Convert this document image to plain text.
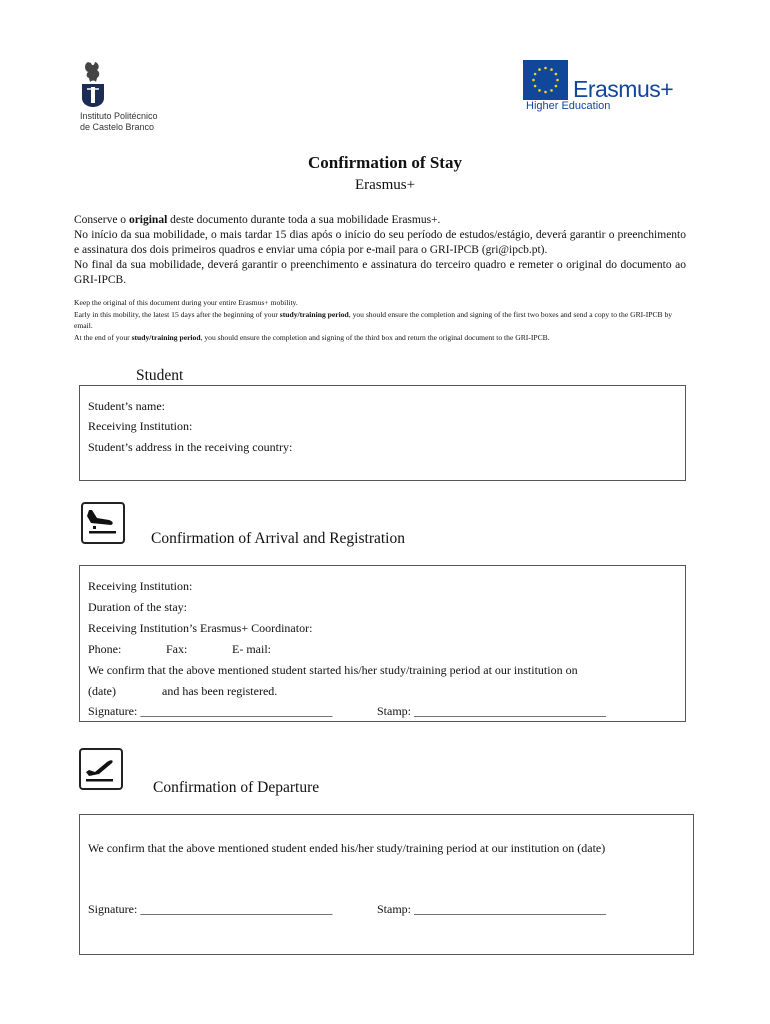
Instituto Politécnico
de Castelo Branco
Erasmus+
Higher Education
Confirmation of Stay
Erasmus+
Conserve o original deste documento durante toda a sua mobilidade Erasmus+.
No início da sua mobilidade, o mais tardar 15 dias após o início do seu período de estudos/estágio, deverá garantir o preenchimento e assinatura dos dois primeiros quadros e enviar uma cópia por e-mail para o GRI-IPCB (gri@ipcb.pt).
No final da sua mobilidade, deverá garantir o preenchimento e assinatura do terceiro quadro e remeter o original do documento ao GRI-IPCB.
Keep the original of this document during your entire Erasmus+ mobility.
Early in this mobility, the latest 15 days after the beginning of your study/training period, you should ensure the completion and signing of the first two boxes and send a copy to the GRI-IPCB by email.
At the end of your study/training period, you should ensure the completion and signing of the third box and return the original document to the GRI-IPCB.
Student
Student’s name:
Receiving Institution:
Student’s address in the receiving country:
Confirmation of Arrival and Registration
Receiving Institution:
Duration of the stay:
Receiving Institution’s Erasmus+ Coordinator:
Phone:	Fax:	E- mail:
We confirm that the above mentioned student started his/her study/training period at our institution on
(date)	and has been registered.
Signature: ________________________________	Stamp: ________________________________
Confirmation of Departure
We confirm that the above mentioned student ended his/her study/training period at our institution on (date)
Signature: ________________________________	Stamp: ________________________________
